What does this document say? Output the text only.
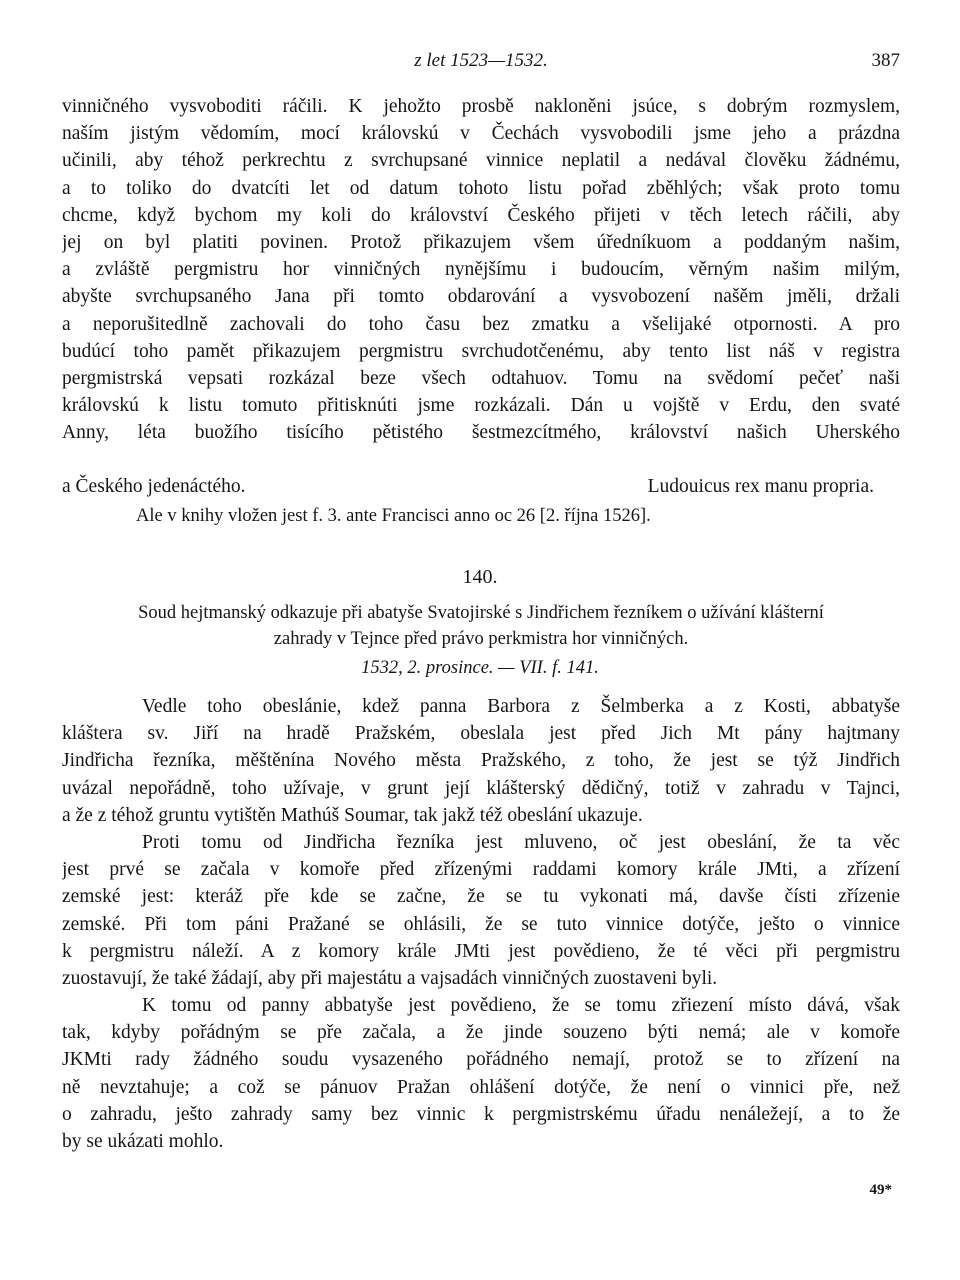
z let 1523—1532.	387
vinničného vysvoboditi ráčili. K jehožto prosbě nakloněni jsúce, s dobrým rozmyslem,
naším jistým vědomím, mocí královskú v Čechách vysvobodili jsme jeho a prázdna
učinili, aby téhož perkrechtu z svrchupsané vinnice neplatil a nedával člověku žádnému,
a to toliko do dvatcíti let od datum tohoto listu pořad zběhlých; však proto tomu
chcme, když bychom my koli do království Českého přijeti v těch letech ráčili, aby
jej on byl platiti povinen. Protož přikazujem všem úředníkuom a poddaným našim,
a zvláště pergmistru hor vinničných nynějšímu i budoucím, věrným našim milým,
abyšte svrchupsaného Jana při tomto obdarování a vysvobození našěm jměli, držali
a neporušitedlně zachovali do toho času bez zmatku a všelijaké otpornosti. A pro
budúcí toho pamět přikazujem pergmistru svrchudotčenému, aby tento list náš v registra
pergmistrská vepsati rozkázal beze všech odtahuov. Tomu na svědomí pečeť naši
královskú k listu tomuto přitisknúti jsme rozkázali. Dán u vojště v Erdu, den svaté
Anny, léta buožího tisícího pětistého šestmezcítmého, království našich Uherského
a Českého jedenáctého.	Ludouicus rex manu propria.
Ale v knihy vložen jest f. 3. ante Francisci anno oc 26 [2. října 1526].
140.
Soud hejtmanský odkazuje při abatyše Svatojirské s Jindřichem řezníkem o užívání klášterní
zahrady v Tejnce před právo perkmistra hor vinničných.
1532, 2. prosince. — VII. f. 141.
Vedle toho obeslánie, kdež panna Barbora z Šelmberka a z Kosti, abbatyše
kláštera sv. Jiří na hradě Pražském, obeslala jest před Jich Mt pány hajtmany
Jindřicha řezníka, měštěnína Nového města Pražského, z toho, že jest se týž Jindřich
uvázal nepořádně, toho užívaje, v grunt její klášterský dědičný, totiž v zahradu v Tajnci,
a že z téhož gruntu vytištěn Mathúš Soumar, tak jakž též obeslání ukazuje.
Proti tomu od Jindřicha řezníka jest mluveno, oč jest obeslání, že ta věc
jest prvé se začala v komoře před zřízenými raddami komory krále JMti, a zřízení
zemské jest: kteráž pře kde se začne, že se tu vykonati má, davše čísti zřízenie
zemské. Při tom páni Pražané se ohlásili, že se tuto vinnice dotýče, ješto o vinnice
k pergmistru náleží. A z komory krále JMti jest povědieno, že té věci při pergmistru
zuostavují, že také žádají, aby při majestátu a vajsadách vinničných zuostaveni byli.
K tomu od panny abbatyše jest povědieno, že se tomu zřiezení místo dává, však
tak, kdyby pořádným se pře začala, a že jinde souzeno býti nemá; ale v komoře
JKMti rady žádného soudu vysazeného pořádného nemají, protož se to zřízení na
ně nevztahuje; a což se pánuov Pražan ohlášení dotýče, že není o vinnici pře, než
o zahradu, ješto zahrady samy bez vinnic k pergmistrskému úřadu nenáležejí, a to že
by se ukázati mohlo.
49*
